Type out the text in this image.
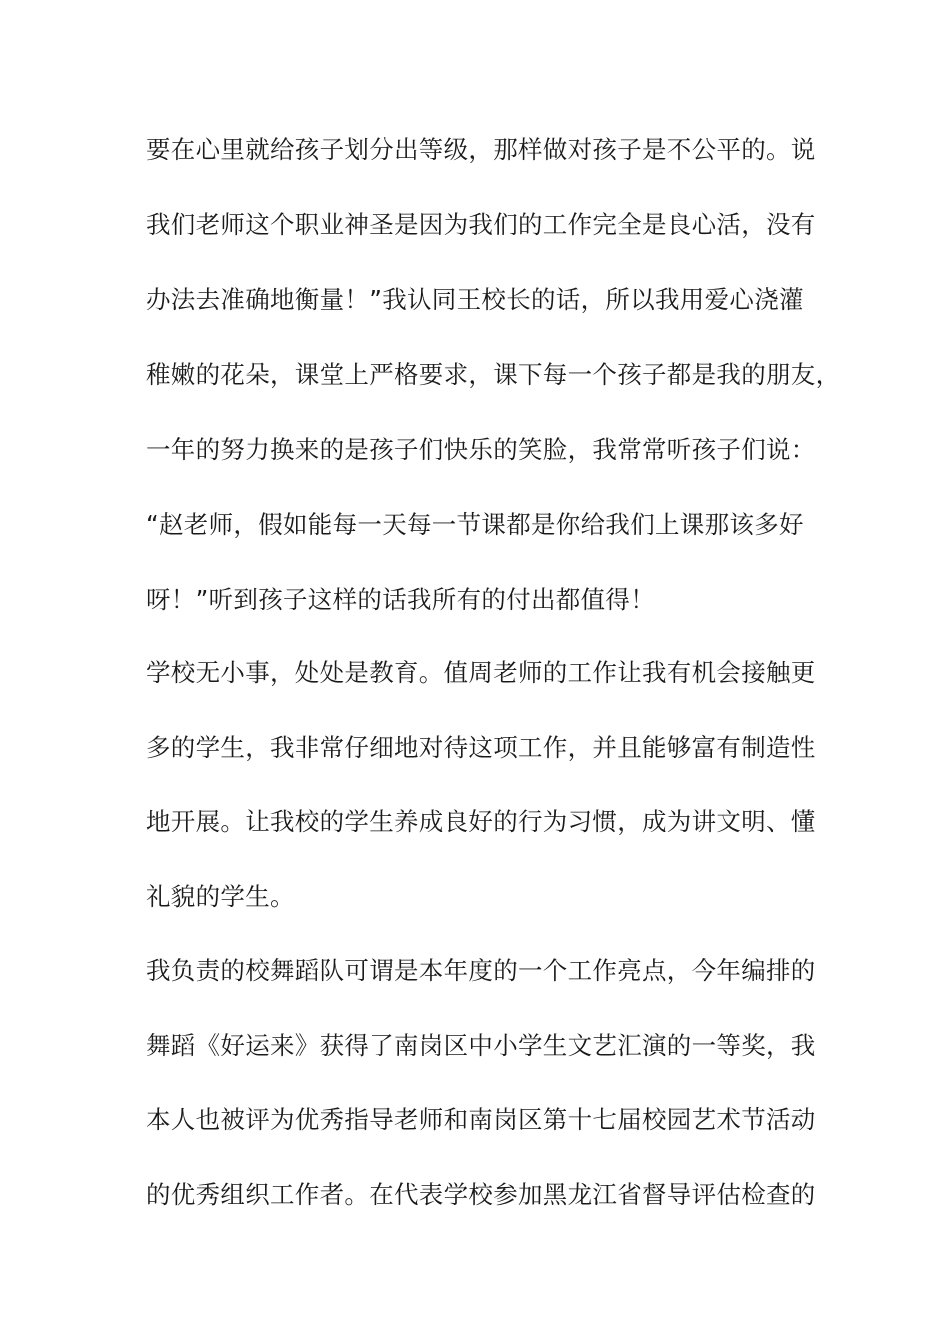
要在心里就给孩子划分出等级，那样做对孩子是不公平的。说
我们老师这个职业神圣是因为我们的工作完全是良心活，没有
办法去准确地衡量！”我认同王校长的话，所以我用爱心浇灌
稚嫩的花朵，课堂上严格要求，课下每一个孩子都是我的朋友，
一年的努力换来的是孩子们快乐的笑脸，我常常听孩子们说：
“赵老师，假如能每一天每一节课都是你给我们上课那该多好
呀！”听到孩子这样的话我所有的付出都值得！
学校无小事，处处是教育。值周老师的工作让我有机会接触更
多的学生，我非常仔细地对待这项工作，并且能够富有制造性
地开展。让我校的学生养成良好的行为习惯，成为讲文明、懂
礼貌的学生。
我负责的校舞蹈队可谓是本年度的一个工作亮点，今年编排的
舞蹈《好运来》获得了南岗区中小学生文艺汇演的一等奖，我
本人也被评为优秀指导老师和南岗区第十七届校园艺术节活动
的优秀组织工作者。在代表学校参加黑龙江省督导评估检查的
